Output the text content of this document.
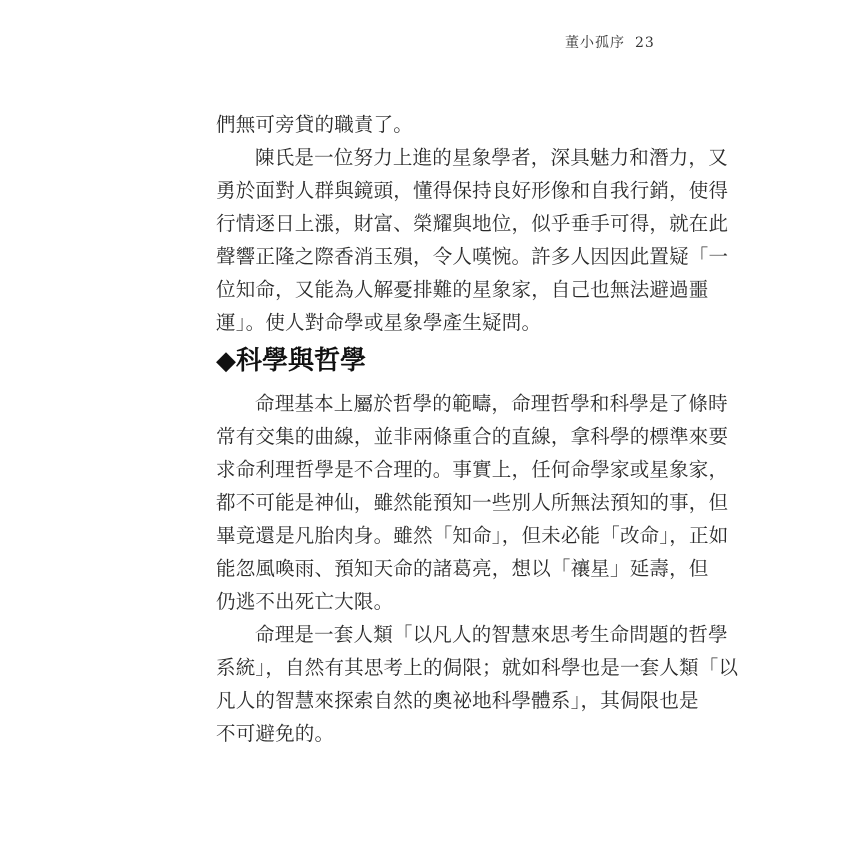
董小孤序 23
們無可旁貸的職責了。
陳氏是一位努力上進的星象學者，深具魅力和潛力，又
勇於面對人群與鏡頭，懂得保持良好形像和自我行銷，使得
行情逐日上漲，財富、榮耀與地位，似乎垂手可得，就在此
聲響正隆之際香消玉殞，令人嘆惋。許多人因因此置疑「一
位知命，又能為人解憂排難的星象家，自己也無法避過噩
運」。使人對命學或星象學產生疑問。
◆科學與哲學
命理基本上屬於哲學的範疇，命理哲學和科學是了條時
常有交集的曲線，並非兩條重合的直線，拿科學的標準來要
求命利理哲學是不合理的。事實上，任何命學家或星象家，
都不可能是神仙，雖然能預知一些別人所無法預知的事，但
畢竟還是凡胎肉身。雖然「知命」，但未必能「改命」，正如
能忽風喚雨、預知天命的諸葛亮，想以「禳星」延壽，但
仍逃不出死亡大限。
命理是一套人類「以凡人的智慧來思考生命問題的哲學
系統」，自然有其思考上的侷限；就如科學也是一套人類「以
凡人的智慧來探索自然的奧祕地科學體系」，其侷限也是
不可避免的。
